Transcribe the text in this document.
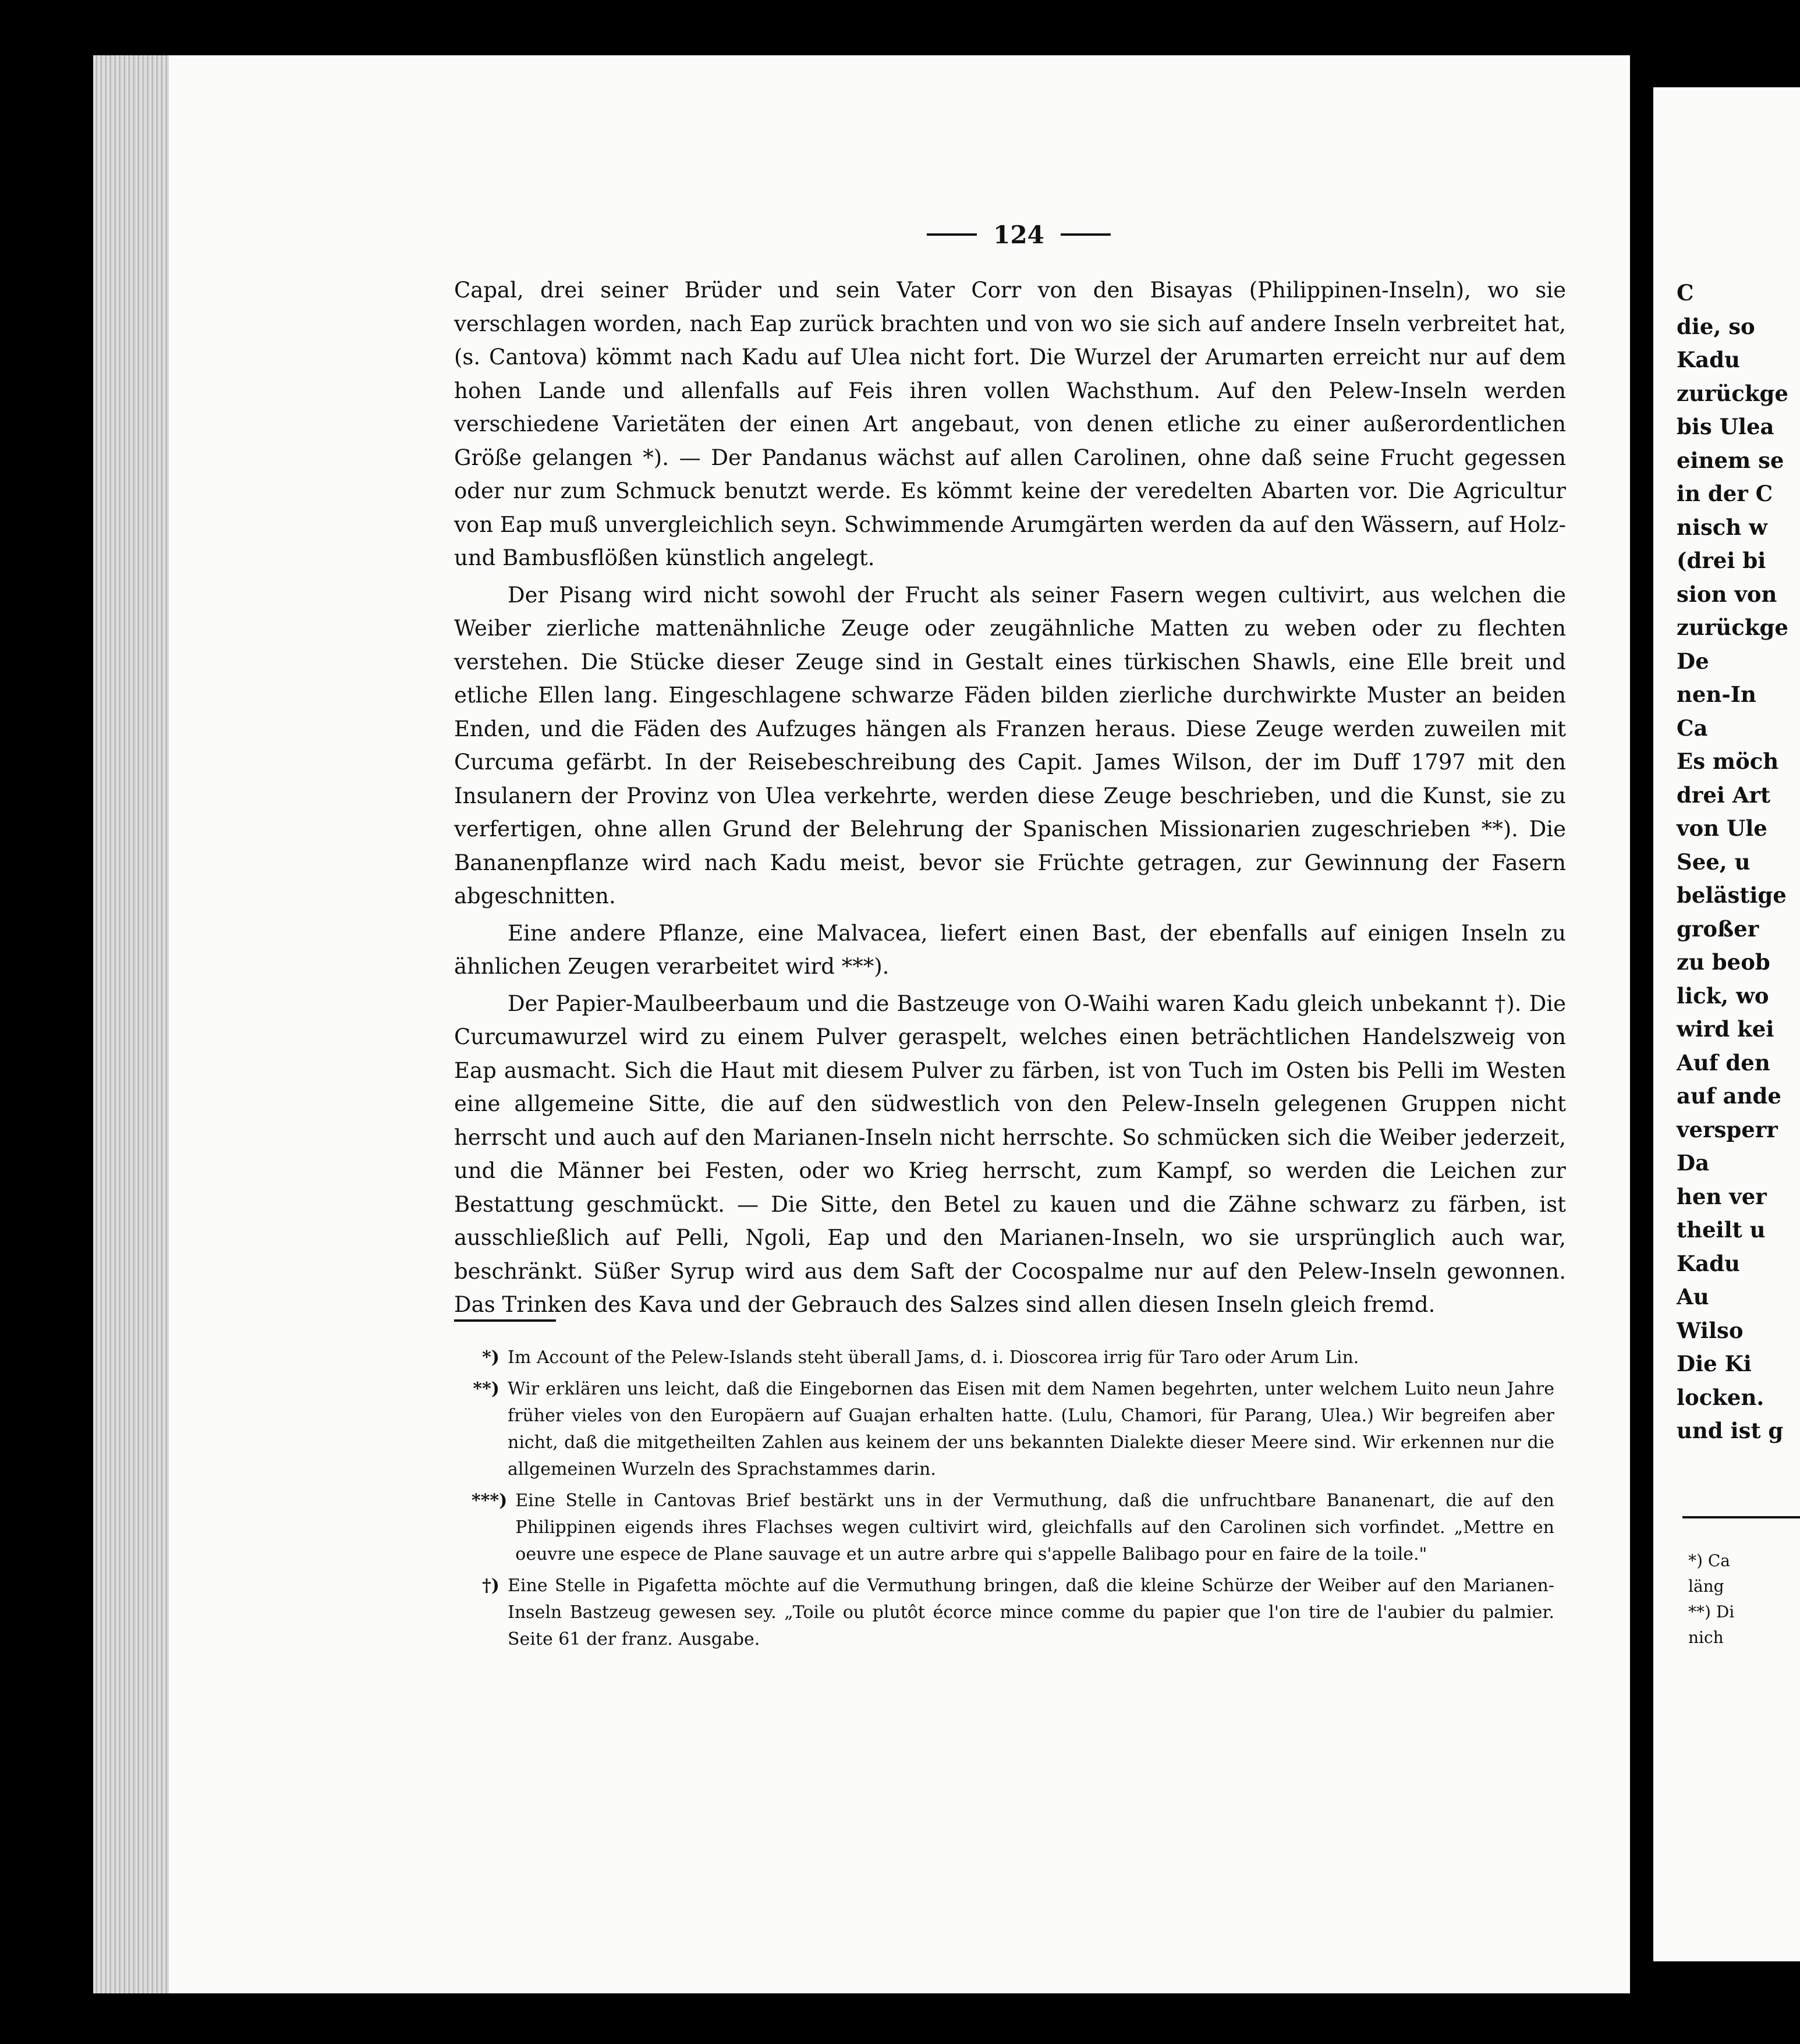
124

Capal, drei seiner Brüder und sein Vater Corr von den Bisayas (Philippinen-Inseln), wo sie verschlagen worden, nach Eap zurück brachten und von wo sie sich auf andere Inseln verbreitet hat, (s. Cantova) kömmt nach Kadu auf Ulea nicht fort. Die Wurzel der Arumarten erreicht nur auf dem hohen Lande und allenfalls auf Feis ihren vollen Wachsthum. Auf den Pelew-Inseln werden verschiedene Varietäten der einen Art angebaut, von denen etliche zu einer außerordentlichen Größe gelangen *). — Der Pandanus wächst auf allen Carolinen, ohne daß seine Frucht gegessen oder nur zum Schmuck benutzt werde. Es kömmt keine der veredelten Abarten vor. Die Agricultur von Eap muß unvergleichlich seyn. Schwimmende Arumgärten werden da auf den Wässern, auf Holz- und Bambusflößen künstlich angelegt.

Der Pisang wird nicht sowohl der Frucht als seiner Fasern wegen cultivirt, aus welchen die Weiber zierliche mattenähnliche Zeuge oder zeugähnliche Matten zu weben oder zu flechten verstehen. Die Stücke dieser Zeuge sind in Gestalt eines türkischen Shawls, eine Elle breit und etliche Ellen lang. Eingeschlagene schwarze Fäden bilden zierliche durchwirkte Muster an beiden Enden, und die Fäden des Aufzuges hängen als Franzen heraus. Diese Zeuge werden zuweilen mit Curcuma gefärbt. In der Reisebeschreibung des Capit. James Wilson, der im Duff 1797 mit den Insulanern der Provinz von Ulea verkehrte, werden diese Zeuge beschrieben, und die Kunst, sie zu verfertigen, ohne allen Grund der Belehrung der Spanischen Missionarien zugeschrieben **). Die Bananenpflanze wird nach Kadu meist, bevor sie Früchte getragen, zur Gewinnung der Fasern abgeschnitten.

Eine andere Pflanze, eine Malvacea, liefert einen Bast, der ebenfalls auf einigen Inseln zu ähnlichen Zeugen verarbeitet wird ***).

Der Papier-Maulbeerbaum und die Bastzeuge von O-Waihi waren Kadu gleich unbekannt †). Die Curcumawurzel wird zu einem Pulver geraspelt, welches einen beträchtlichen Handelszweig von Eap ausmacht. Sich die Haut mit diesem Pulver zu färben, ist von Tuch im Osten bis Pelli im Westen eine allgemeine Sitte, die auf den südwestlich von den Pelew-Inseln gelegenen Gruppen nicht herrscht und auch auf den Marianen-Inseln nicht herrschte. So schmücken sich die Weiber jederzeit, und die Männer bei Festen, oder wo Krieg herrscht, zum Kampf, so werden die Leichen zur Bestattung geschmückt. — Die Sitte, den Betel zu kauen und die Zähne schwarz zu färben, ist ausschließlich auf Pelli, Ngoli, Eap und den Marianen-Inseln, wo sie ursprünglich auch war, beschränkt. Süßer Syrup wird aus dem Saft der Cocospalme nur auf den Pelew-Inseln gewonnen. Das Trinken des Kava und der Gebrauch des Salzes sind allen diesen Inseln gleich fremd.

*) Im Account of the Pelew-Islands steht überall Jams, d. i. Dioscorea irrig für Taro oder Arum Lin.
**) Wir erklären uns leicht, daß die Eingebornen das Eisen mit dem Namen begehrten, unter welchem Luito neun Jahre früher vieles von den Europäern auf Guajan erhalten hatte. (Lulu, Chamori, für Parang, Ulea.) Wir begreifen aber nicht, daß die mitgetheilten Zahlen aus keinem der uns bekannten Dialekte dieser Meere sind. Wir erkennen nur die allgemeinen Wurzeln des Sprachstammes darin.
***) Eine Stelle in Cantovas Brief bestärkt uns in der Vermuthung, daß die unfruchtbare Bananenart, die auf den Philippinen eigends ihres Flachses wegen cultivirt wird, gleichfalls auf den Carolinen sich vorfindet. „Mettre en oeuvre une espece de Plane sauvage et un autre arbre qui s'appelle Balibago pour en faire de la toile."
†) Eine Stelle in Pigafetta möchte auf die Vermuthung bringen, daß die kleine Schürze der Weiber auf den Marianen-Inseln Bastzeug gewesen sey. „Toile ou plutôt écorce mince comme du papier que l'on tire de l'aubier du palmier. Seite 61 der franz. Ausgabe.
C
die, so
Kadu
zurückge
bis Ulea
einem se
in der C
nisch w
(drei bi
sion von
zurückge
De
nen-In
Ca
Es möch
drei Art
von Ule
See, u
belästige
großer
zu beob
lick, wo
wird kei
Auf den
auf ande
versperr
Da
hen ver
theilt u
Kadu
Au
Wilso
Die Ki
locken.
und ist g
*) Ca
läng
**) Di
nich
